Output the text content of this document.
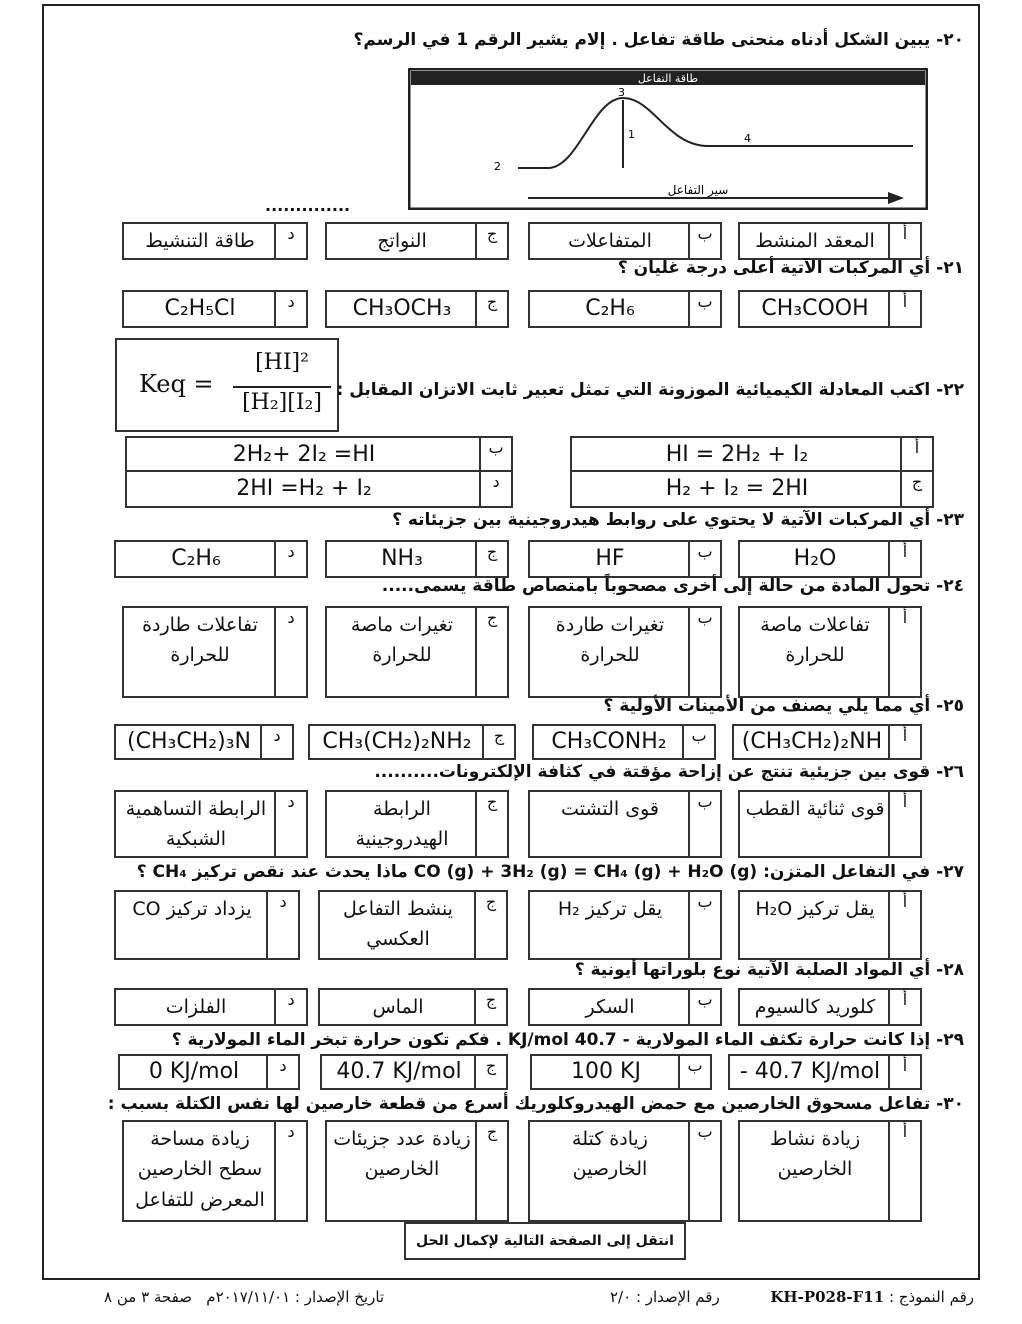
٢٠- يبين الشكل أدناه منحنى طاقة تفاعل . إلام يشير الرقم 1 في الرسم؟
طاقة التفاعل
2
3
1	4
سير التفاعل
..............
أ
المعقد المنشط
ب
المتفاعلات
ج
النواتج
د
طاقة التنشيط
٢١- أي المركبات الآتية أعلى درجة غليان ؟
أ
CH₃COOH
ب
C₂H₆
ج
CH₃OCH₃
د
C₂H₅Cl
Keq =
[HI]²
[H₂][I₂]	٢٢- اكتب المعادلة الكيميائية الموزونة التي تمثل تعبير ثابت الاتزان المقابل :
أ
HI = 2H₂ + I₂
ب
2H₂+ 2I₂ =HI
ج
H₂ + I₂ = 2HI
د
2HI =H₂ + I₂
٢٣- أي المركبات الآتية لا يحتوي على روابط هيدروجينية بين جزيئاته ؟
أ
H₂O
ب
HF
ج
NH₃
د
C₂H₆
٢٤- تحول المادة من حالة إلى أخرى مصحوباً بامتصاص طاقة يسمى.....
أ
تفاعلات ماصة للحرارة
ب
تغيرات طاردة للحرارة
ج
تغيرات ماصة للحرارة
د
تفاعلات طاردة للحرارة
٢٥- أي مما يلي يصنف من الأمينات الأولية ؟
أ
(CH₃CH₂)₂NH
ب
CH₃CONH₂
ج
CH₃(CH₂)₂NH₂
د
(CH₃CH₂)₃N
٢٦- قوى بين جزيئية تنتج عن إزاحة مؤقتة في كثافة الإلكترونات..........
أ
قوى ثنائية القطب
ب
قوى التشتت
ج
الرابطة الهيدروجينية
د
الرابطة التساهمية الشبكية
٢٧- في التفاعل المتزن: CO (g) + 3H₂ (g) = CH₄ (g) + H₂O (g) ماذا يحدث عند نقص تركيز CH₄ ؟
أ
يقل تركيز H₂O
ب
يقل تركيز H₂
ج
ينشط التفاعل العكسي
د
يزداد تركيز CO
٢٨- أي المواد الصلبة الآتية نوع بلوراتها أيونية ؟
أ
كلوريد كالسيوم
ب
السكر
ج
الماس
د
الفلزات
٢٩- إذا كانت حرارة تكثف الماء المولارية - 40.7 KJ/mol . فكم تكون حرارة تبخر الماء المولارية ؟
أ
- 40.7 KJ/mol
ب
100 KJ
ج
40.7 KJ/mol
د
0 KJ/mol
٣٠- تفاعل مسحوق الخارصين مع حمض الهيدروكلوريك أسرع من قطعة خارصين لها نفس الكتلة بسبب :
أ
زيادة نشاط الخارصين
ب
زيادة كتلة الخارصين
ج
زيادة عدد جزيئات الخارصين
د
زيادة مساحة سطح الخارصين المعرض للتفاعل
انتقل إلى الصفحة التالية لإكمال الحل
رقم النموذج : KH-P028-F11
رقم الإصدار : ٢/٠
تاريخ الإصدار : ٢٠١٧/١١/٠١م   صفحة ٣ من ٨
